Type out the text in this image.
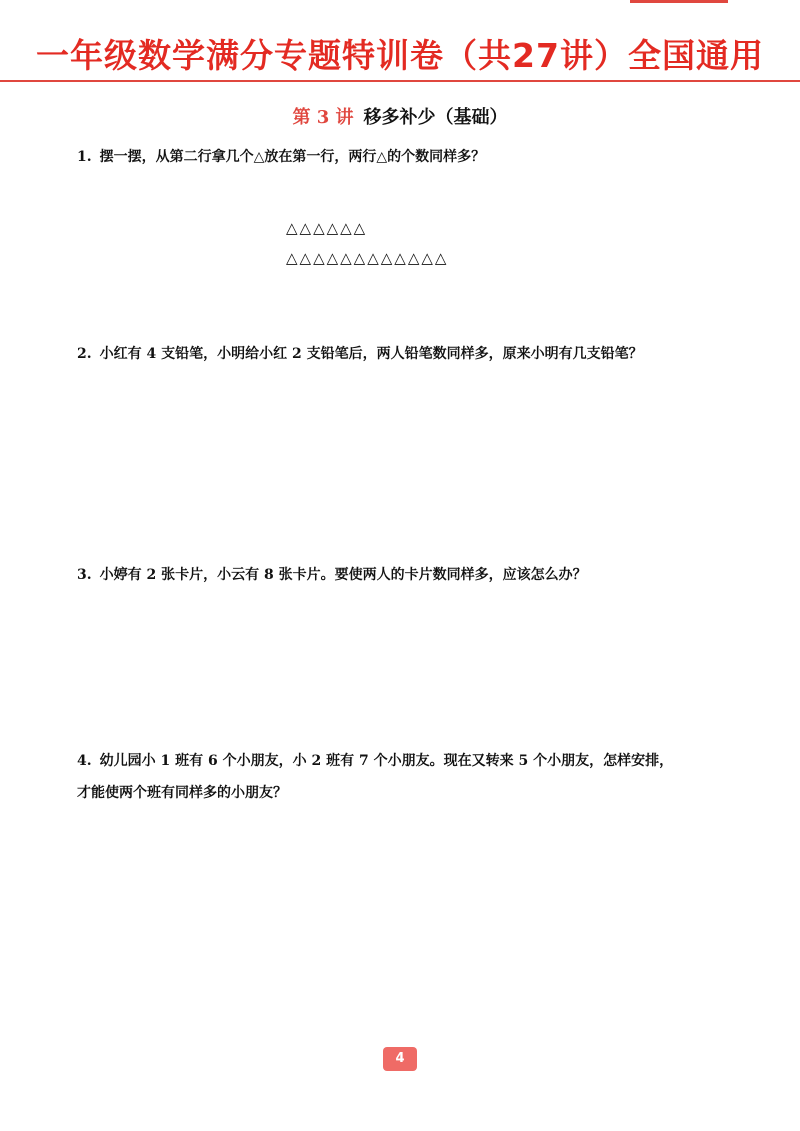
一年级数学满分专题特训卷（共27讲）全国通用
第 3 讲 移多补少（基础）
1. 摆一摆，从第二行拿几个△放在第一行，两行△的个数同样多？
△△△△△△
△△△△△△△△△△△△
2. 小红有 4 支铅笔，小明给小红 2 支铅笔后，两人铅笔数同样多，原来小明有几支铅笔？
3. 小婷有 2 张卡片，小云有 8 张卡片。要使两人的卡片数同样多，应该怎么办？
4. 幼儿园小 1 班有 6 个小朋友，小 2 班有 7 个小朋友。现在又转来 5 个小朋友，怎样安排，
才能使两个班有同样多的小朋友？
4
